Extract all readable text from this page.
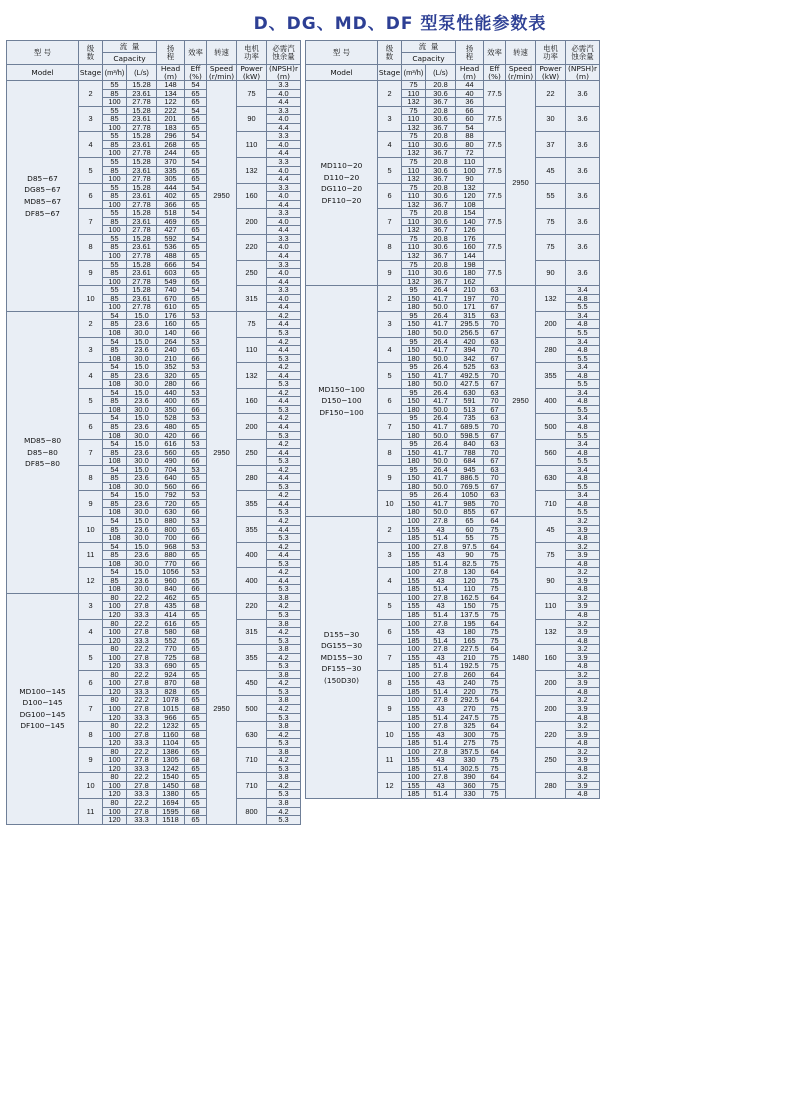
D、DG、MD、DF 型泵性能参数表
型 号	级
数	流  量		扬
程	效率	转速	电机
功率	必需汽
蚀余量
		Capacity						
Model	Stage	(m³/h)	(L/s)	Head
(m)	Eff
(%)	Speed
(r/min)	Power
(kW)	(NPSH)r
(m)

D85−67
DG85−67
MD85−67
DF85−67	2	55	15.28	148	54	2950	75	3.3
		85	23.61	134	65			4.0
		100	27.78	122	65			4.4
	3	55	15.28	222	54		90	3.3
		85	23.61	201	65			4.0
		100	27.78	183	65			4.4
	4	55	15.28	296	54		110	3.3
		85	23.61	268	65			4.0
		100	27.78	244	65			4.4
	5	55	15.28	370	54		132	3.3
		85	23.61	335	65			4.0
		100	27.78	305	65			4.4
	6	55	15.28	444	54		160	3.3
		85	23.61	402	65			4.0
		100	27.78	366	65			4.4
	7	55	15.28	518	54		200	3.3
		85	23.61	469	65			4.0
		100	27.78	427	65			4.4
	8	55	15.28	592	54		220	3.3
		85	23.61	536	65			4.0
		100	27.78	488	65			4.4
	9	55	15.28	666	54		250	3.3
		85	23.61	603	65			4.0
		100	27.78	549	65			4.4
	10	55	15.28	740	54		315	3.3
		85	23.61	670	65			4.0
		100	27.78	610	65			4.4

MD85−80
D85−80
DF85−80	2	54	15.0	176	53	2950	75	4.2
		85	23.6	160	65			4.4
		108	30.0	140	66			5.3
	3	54	15.0	264	53		110	4.2
		85	23.6	240	65			4.4
		108	30.0	210	66			5.3
	4	54	15.0	352	53		132	4.2
		85	23.6	320	65			4.4
		108	30.0	280	66			5.3
	5	54	15.0	440	53		160	4.2
		85	23.6	400	65			4.4
		108	30.0	350	66			5.3
	6	54	15.0	528	53		200	4.2
		85	23.6	480	65			4.4
		108	30.0	420	66			5.3
	7	54	15.0	616	53		250	4.2
		85	23.6	560	65			4.4
		108	30.0	490	66			5.3
	8	54	15.0	704	53		280	4.2
		85	23.6	640	65			4.4
		108	30.0	560	66			5.3
	9	54	15.0	792	53		355	4.2
		85	23.6	720	65			4.4
		108	30.0	630	66			5.3
	10	54	15.0	880	53		355	4.2
		85	23.6	800	65			4.4
		108	30.0	700	66			5.3
	11	54	15.0	968	53		400	4.2
		85	23.6	880	65			4.4
		108	30.0	770	66			5.3
	12	54	15.0	1056	53		400	4.2
		85	23.6	960	65			4.4
		108	30.0	840	66			5.3

MD100−145
D100−145
DG100−145
DF100−145	3	80	22.2	462	65	2950	220	3.8
		100	27.8	435	68			4.2
		120	33.3	414	65			5.3
	4	80	22.2	616	65		315	3.8
		100	27.8	580	68			4.2
		120	33.3	552	65			5.3
	5	80	22.2	770	65		355	3.8
		100	27.8	725	68			4.2
		120	33.3	690	65			5.3
	6	80	22.2	924	65		450	3.8
		100	27.8	870	68			4.2
		120	33.3	828	65			5.3
	7	80	22.2	1078	65		500	3.8
		100	27.8	1015	68			4.2
		120	33.3	966	65			5.3
	8	80	22.2	1232	65		630	3.8
		100	27.8	1160	68			4.2
		120	33.3	1104	65			5.3
	9	80	22.2	1386	65		710	3.8
		100	27.8	1305	68			4.2
		120	33.3	1242	65			5.3
	10	80	22.2	1540	65		710	3.8
		100	27.8	1450	68			4.2
		120	33.3	1380	65			5.3
	11	80	22.2	1694	65		800	3.8
		100	27.8	1595	68			4.2
		120	33.3	1518	65			5.3
型 号	级
数	流  量		扬
程	效率	转速	电机
功率	必需汽
蚀余量
		Capacity						
Model	Stage	(m³/h)	(L/s)	Head
(m)	Eff
(%)	Speed
(r/min)	Power
(kW)	(NPSH)r
(m)

MD110−20
D110−20
DG110−20
DF110−20	2	75	20.8	44	77.5	2950	22	3.6
		110	30.6	40				
		132	36.7	36				
	3	75	20.8	66	77.5		30	3.6
		110	30.6	60				
		132	36.7	54				
	4	75	20.8	88	77.5		37	3.6
		110	30.6	80				
		132	36.7	72				
	5	75	20.8	110	77.5		45	3.6
		110	30.6	100				
		132	36.7	90				
	6	75	20.8	132	77.5		55	3.6
		110	30.6	120				
		132	36.7	108				
	7	75	20.8	154	77.5		75	3.6
		110	30.6	140				
		132	36.7	126				
	8	75	20.8	176	77.5		75	3.6
		110	30.6	160				
		132	36.7	144				
	9	75	20.8	198	77.5		90	3.6
		110	30.6	180				
		132	36.7	162				

MD150−100
D150−100
DF150−100	2	95	26.4	210	63	2950	132	3.4
		150	41.7	197	70			4.8
		180	50.0	171	67			5.5
	3	95	26.4	315	63		200	3.4
		150	41.7	295.5	70			4.8
		180	50.0	256.5	67			5.5
	4	95	26.4	420	63		280	3.4
		150	41.7	394	70			4.8
		180	50.0	342	67			5.5
	5	95	26.4	525	63		355	3.4
		150	41.7	492.5	70			4.8
		180	50.0	427.5	67			5.5
	6	95	26.4	630	63		400	3.4
		150	41.7	591	70			4.8
		180	50.0	513	67			5.5
	7	95	26.4	735	63		500	3.4
		150	41.7	689.5	70			4.8
		180	50.0	598.5	67			5.5
	8	95	26.4	840	63		560	3.4
		150	41.7	788	70			4.8
		180	50.0	684	67			5.5
	9	95	26.4	945	63		630	3.4
		150	41.7	886.5	70			4.8
		180	50.0	769.5	67			5.5
	10	95	26.4	1050	63		710	3.4
		150	41.7	985	70			4.8
		180	50.0	855	67			5.5

D155−30
DG155−30
MD155−30
DF155−30
(150D30)	2	100	27.8	65	64	1480	45	3.2
		155	43	60	75			3.9
		185	51.4	55	75			4.8
	3	100	27.8	97.5	64		75	3.2
		155	43	90	75			3.9
		185	51.4	82.5	75			4.8
	4	100	27.8	130	64		90	3.2
		155	43	120	75			3.9
		185	51.4	110	75			4.8
	5	100	27.8	162.5	64		110	3.2
		155	43	150	75			3.9
		185	51.4	137.5	75			4.8
	6	100	27.8	195	64		132	3.2
		155	43	180	75			3.9
		185	51.4	165	75			4.8
	7	100	27.8	227.5	64		160	3.2
		155	43	210	75			3.9
		185	51.4	192.5	75			4.8
	8	100	27.8	260	64		200	3.2
		155	43	240	75			3.9
		185	51.4	220	75			4.8
	9	100	27.8	292.5	64		200	3.2
		155	43	270	75			3.9
		185	51.4	247.5	75			4.8
	10	100	27.8	325	64		220	3.2
		155	43	300	75			3.9
		185	51.4	275	75			4.8
	11	100	27.8	357.5	64		250	3.2
		155	43	330	75			3.9
		185	51.4	302.5	75			4.8
	12	100	27.8	390	64		280	3.2
		155	43	360	75			3.9
		185	51.4	330	75			4.8
